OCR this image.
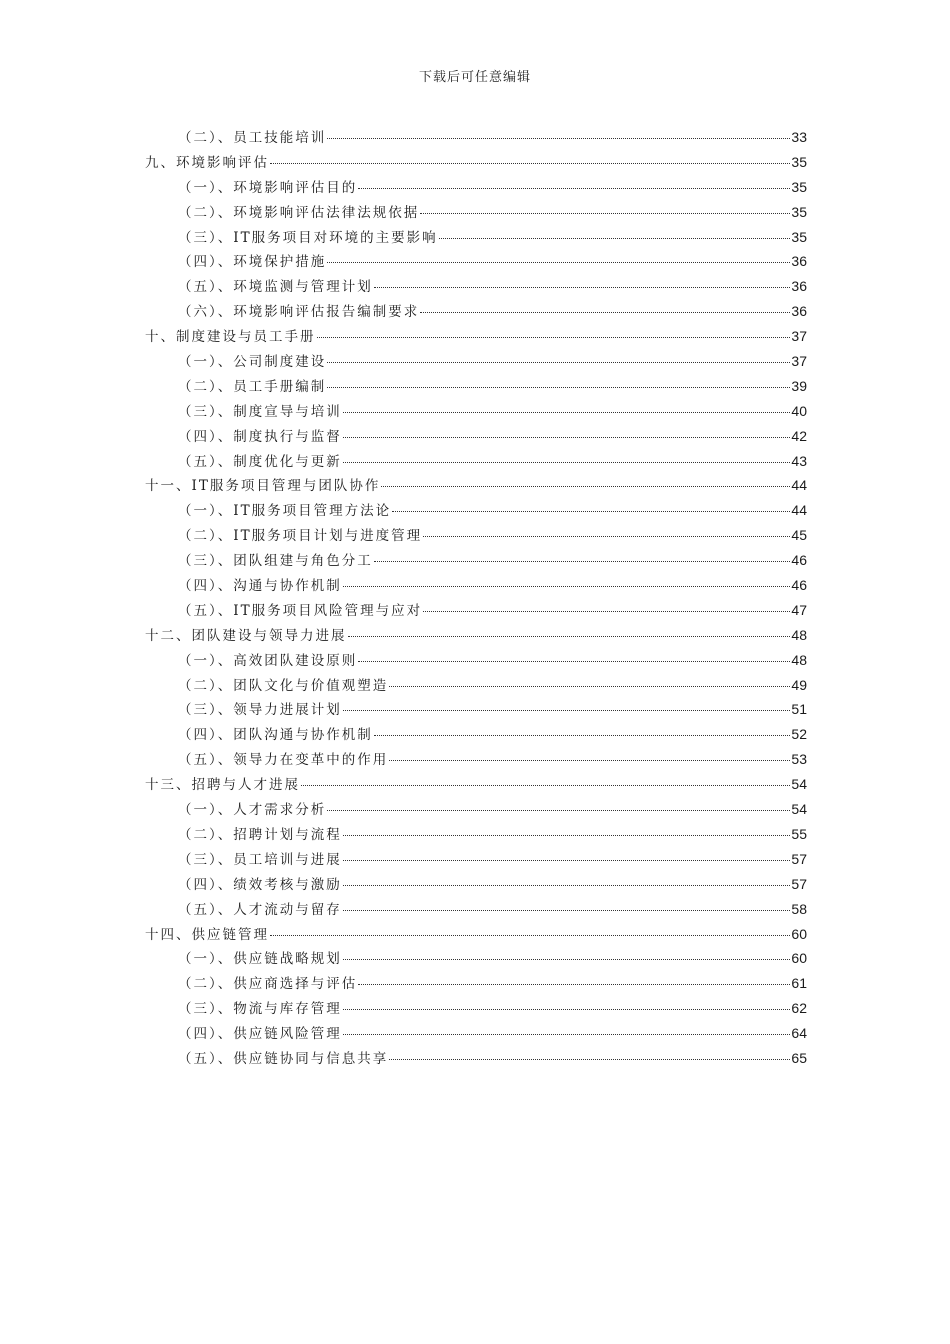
下载后可任意编辑
（二）、员工技能培训	33
九、环境影响评估	35
（一）、环境影响评估目的	35
（二）、环境影响评估法律法规依据	35
（三）、IT服务项目对环境的主要影响	35
（四）、环境保护措施	36
（五）、环境监测与管理计划	36
（六）、环境影响评估报告编制要求	36
十、制度建设与员工手册	37
（一）、公司制度建设	37
（二）、员工手册编制	39
（三）、制度宣导与培训	40
（四）、制度执行与监督	42
（五）、制度优化与更新	43
十一、IT服务项目管理与团队协作	44
（一）、IT服务项目管理方法论	44
（二）、IT服务项目计划与进度管理	45
（三）、团队组建与角色分工	46
（四）、沟通与协作机制	46
（五）、IT服务项目风险管理与应对	47
十二、团队建设与领导力进展	48
（一）、高效团队建设原则	48
（二）、团队文化与价值观塑造	49
（三）、领导力进展计划	51
（四）、团队沟通与协作机制	52
（五）、领导力在变革中的作用	53
十三、招聘与人才进展	54
（一）、人才需求分析	54
（二）、招聘计划与流程	55
（三）、员工培训与进展	57
（四）、绩效考核与激励	57
（五）、人才流动与留存	58
十四、供应链管理	60
（一）、供应链战略规划	60
（二）、供应商选择与评估	61
（三）、物流与库存管理	62
（四）、供应链风险管理	64
（五）、供应链协同与信息共享	65
